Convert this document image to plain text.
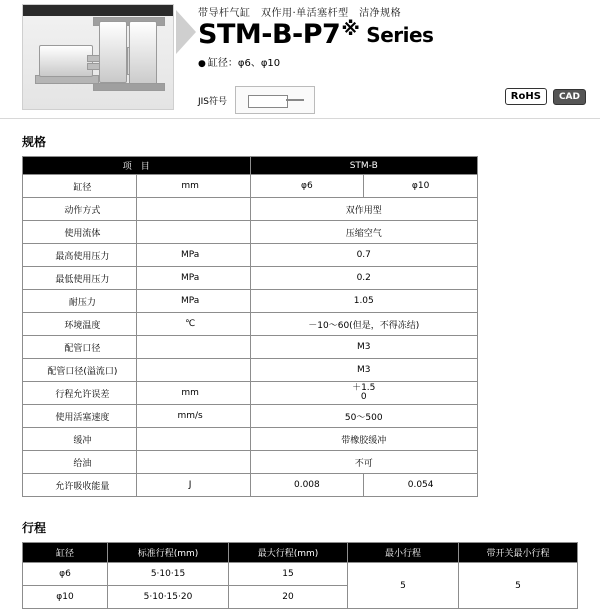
带导杆气缸　双作用·单活塞杆型　洁净规格
STM-B-P7 ※ Series
● 缸径：φ6、φ10
JIS符号	RoHS	CAD
规格
项　目		STM-B	
缸径	mm	φ6	φ10
动作方式		双作用型	
使用流体		压缩空气	
最高使用压力	MPa	0.7	
最低使用压力	MPa	0.2	
耐压力	MPa	1.05	
环境温度	℃	－10～60(但是，不得冻结)	
配管口径		M3	
配管口径(溢流口)		M3	
行程允许误差	mm	＋1.5
0	

使用活塞速度	mm/s	50～500	
缓冲		带橡胶缓冲	
给油		不可	
允许吸收能量	J	0.008	0.054
行程
缸径	标准行程(mm)	最大行程(mm)	最小行程	带开关最小行程
φ6	5·10·15	15	5	5
φ10	5·10·15·20	20		
